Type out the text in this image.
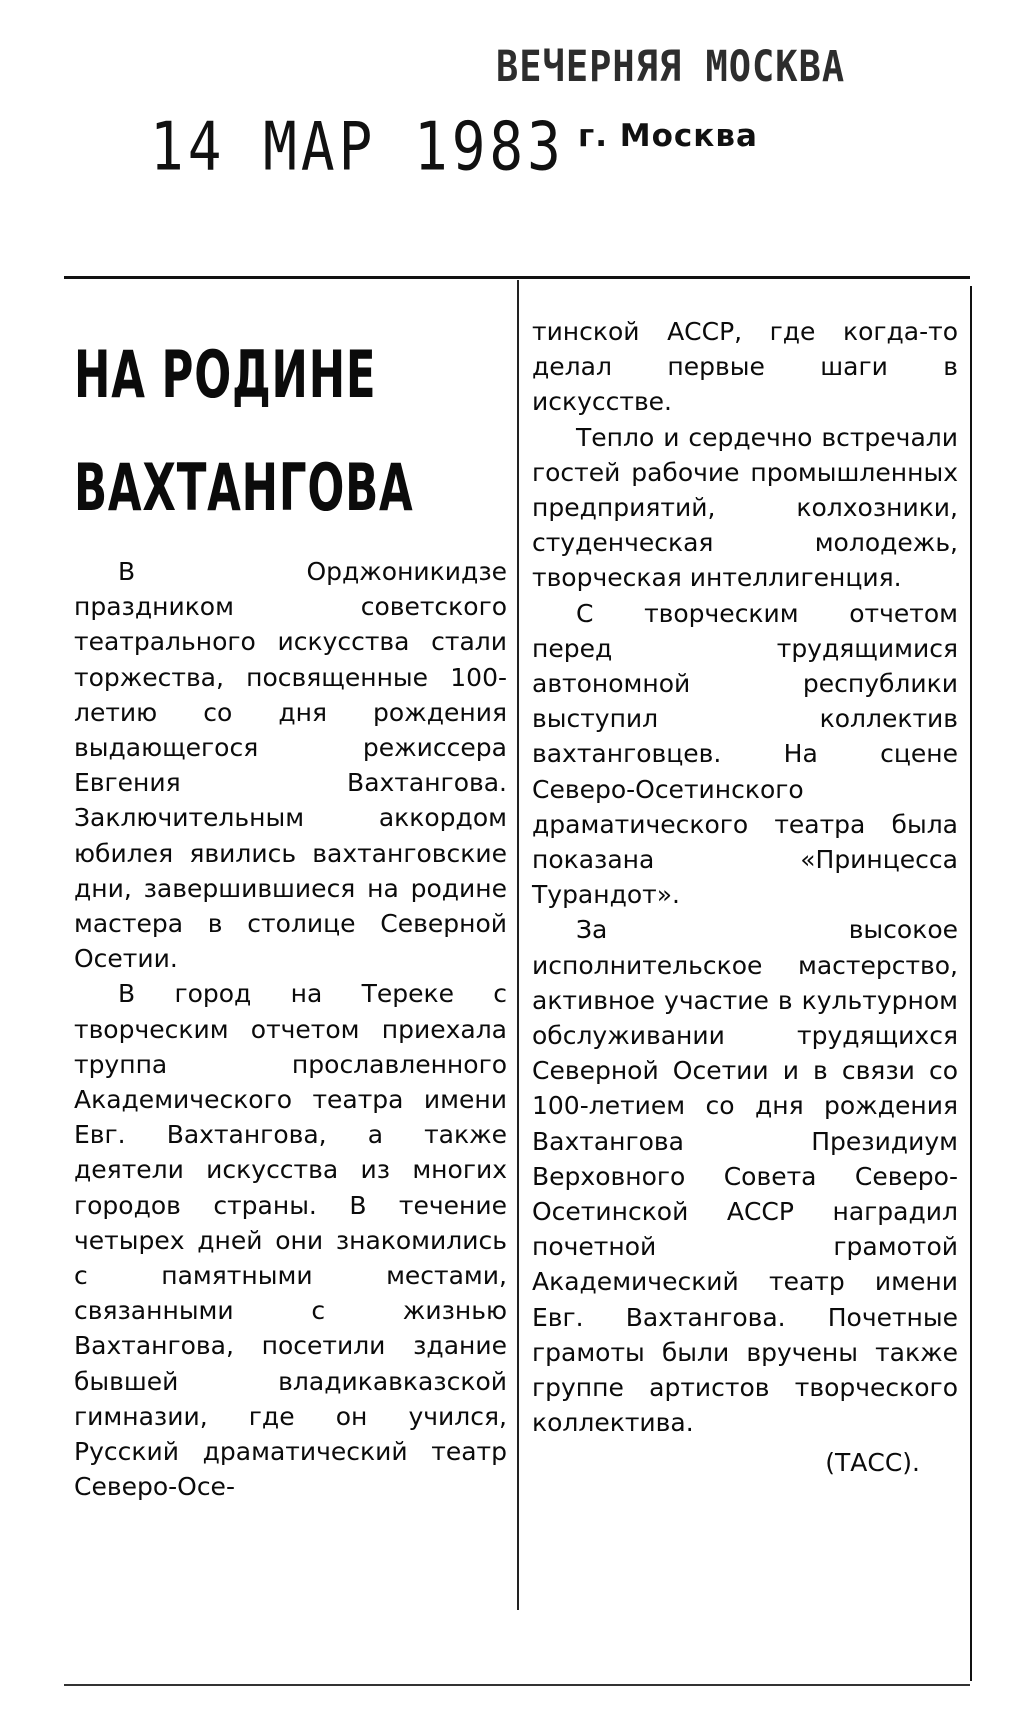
ВЕЧЕРНЯЯ МОСКВА
14 МАР 1983 г. Москва
НА РОДИНЕ
ВАХТАНГОВА

В Орджоникидзе праздником советского театрального искусства стали торжества, посвященные 100-летию со дня рождения выдающегося режиссера Евгения Вахтангова. Заключительным аккордом юбилея явились вахтанговские дни, завершившиеся на родине мастера в столице Северной Осетии.

В город на Тереке с творческим отчетом приехала труппа прославленного Академического театра имени Евг. Вахтангова, а также деятели искусства из многих городов страны. В течение четырех дней они знакомились с памятными местами, связанными с жизнью Вахтангова, посетили здание бывшей владикавказской гимназии, где он учился, Русский драматический театр Северо-Осе-

тинской АССР, где когда-то делал первые шаги в искусстве.

Тепло и сердечно встречали гостей рабочие промышленных предприятий, колхозники, студенческая молодежь, творческая интеллигенция.

С творческим отчетом перед трудящимися автономной республики выступил коллектив вахтанговцев. На сцене Северо-Осетинского драматического театра была показана «Принцесса Турандот».

За высокое исполнительское мастерство, активное участие в культурном обслуживании трудящихся Северной Осетии и в связи со 100-летием со дня рождения Вахтангова Президиум Верховного Совета Северо-Осетинской АССР наградил почетной грамотой Академический театр имени Евг. Вахтангова. Почетные грамоты были вручены также группе артистов творческого коллектива.

(ТАСС).
